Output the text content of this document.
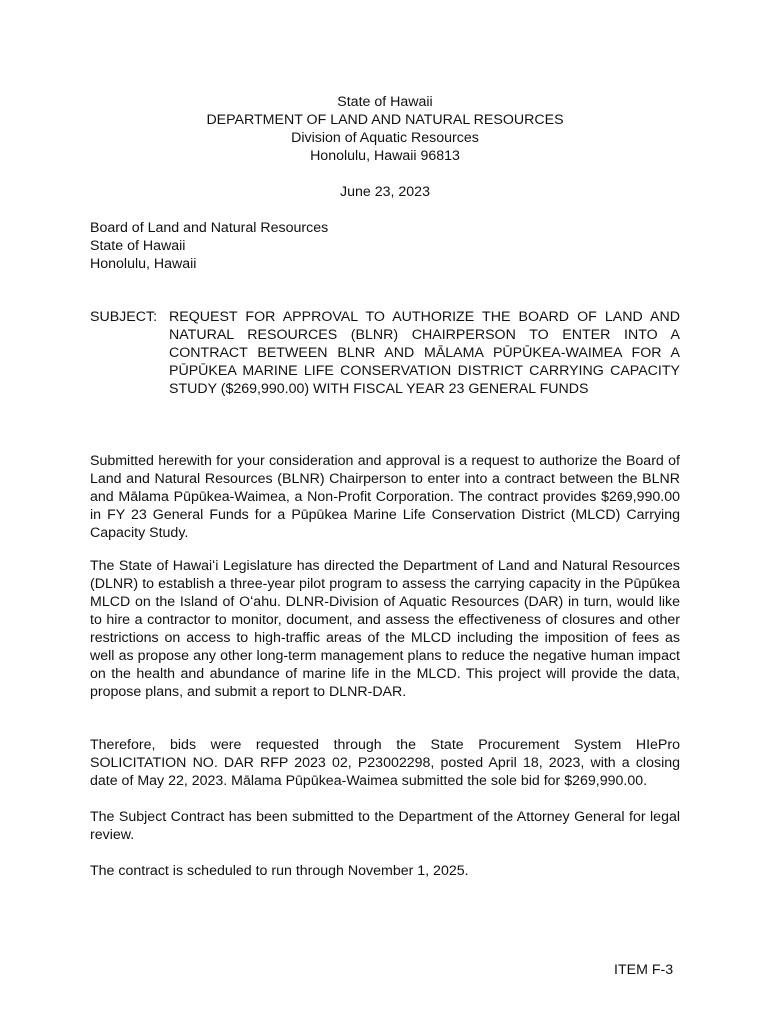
State of Hawaii
DEPARTMENT OF LAND AND NATURAL RESOURCES
Division of Aquatic Resources
Honolulu, Hawaii 96813
June 23, 2023
Board of Land and Natural Resources
State of Hawaii
Honolulu, Hawaii
SUBJECT: REQUEST FOR APPROVAL TO AUTHORIZE THE BOARD OF LAND AND NATURAL RESOURCES (BLNR) CHAIRPERSON TO ENTER INTO A CONTRACT BETWEEN BLNR AND MĀLAMA PŪPŪKEA-WAIMEA FOR A PŪPŪKEA MARINE LIFE CONSERVATION DISTRICT CARRYING CAPACITY STUDY ($269,990.00) WITH FISCAL YEAR 23 GENERAL FUNDS

Submitted herewith for your consideration and approval is a request to authorize the Board of Land and Natural Resources (BLNR) Chairperson to enter into a contract between the BLNR and Mālama Pūpūkea-Waimea, a Non-Profit Corporation. The contract provides $269,990.00 in FY 23 General Funds for a Pūpūkea Marine Life Conservation District (MLCD) Carrying Capacity Study.

The State of Hawaiʻi Legislature has directed the Department of Land and Natural Resources (DLNR) to establish a three-year pilot program to assess the carrying capacity in the Pūpūkea MLCD on the Island of Oʻahu. DLNR-Division of Aquatic Resources (DAR) in turn, would like to hire a contractor to monitor, document, and assess the effectiveness of closures and other restrictions on access to high-traffic areas of the MLCD including the imposition of fees as well as propose any other long-term management plans to reduce the negative human impact on the health and abundance of marine life in the MLCD. This project will provide the data, propose plans, and submit a report to DLNR-DAR.

Therefore, bids were requested through the State Procurement System HIePro SOLICITATION NO. DAR RFP 2023 02, P23002298, posted April 18, 2023, with a closing date of May 22, 2023. Mālama Pūpūkea-Waimea submitted the sole bid for $269,990.00.

The Subject Contract has been submitted to the Department of the Attorney General for legal review.

The contract is scheduled to run through November 1, 2025.

ITEM F-3
